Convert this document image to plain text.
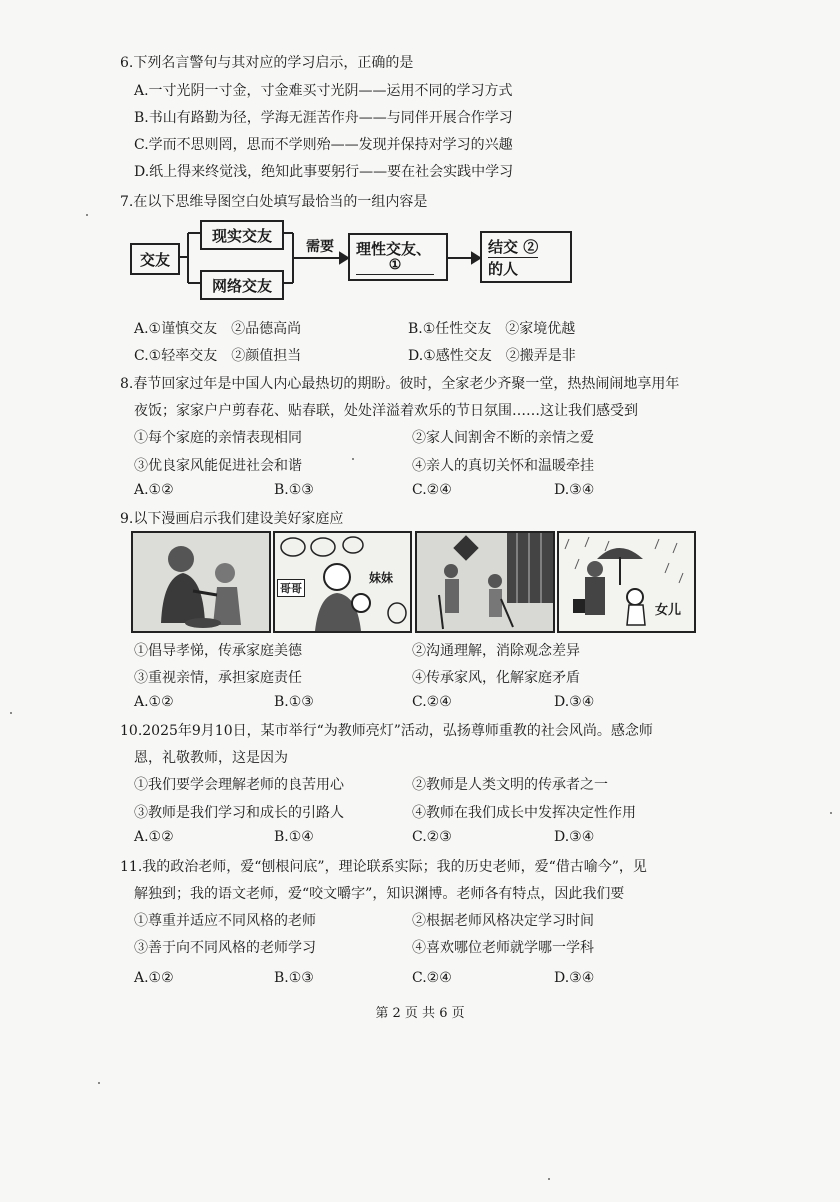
6.下列名言警句与其对应的学习启示，正确的是
A.一寸光阴一寸金，寸金难买寸光阴——运用不同的学习方式
B.书山有路勤为径，学海无涯苦作舟——与同伴开展合作学习
C.学而不思则罔，思而不学则殆——发现并保持对学习的兴趣
D.纸上得来终觉浅，绝知此事要躬行——要在社会实践中学习
7.在以下思维导图空白处填写最恰当的一组内容是
交友
现实交友
网络交友
需要 理性交友、
①
结交 ②
的人
A.①谨慎交友　②品德高尚	B.①任性交友　②家境优越
C.①轻率交友　②颜值担当	D.①感性交友　②搬弄是非
8.春节回家过年是中国人内心最热切的期盼。彼时，全家老少齐聚一堂，热热闹闹地享用年
夜饭；家家户户剪春花、贴春联，处处洋溢着欢乐的节日氛围……这让我们感受到
①每个家庭的亲情表现相同	②家人间割舍不断的亲情之爱
③优良家风能促进社会和谐	④亲人的真切关怀和温暖牵挂
A.①②	B.①③	C.②④	D.③④
9.以下漫画启示我们建设美好家庭应
哥哥
妹妹
女儿
①倡导孝悌，传承家庭美德	②沟通理解，消除观念差异
③重视亲情，承担家庭责任	④传承家风，化解家庭矛盾
A.①②	B.①③	C.②④	D.③④
10.2025年9月10日，某市举行“为教师亮灯”活动，弘扬尊师重教的社会风尚。感念师
恩，礼敬教师，这是因为
①我们要学会理解老师的良苦用心	②教师是人类文明的传承者之一
③教师是我们学习和成长的引路人	④教师在我们成长中发挥决定性作用
A.①②	B.①④	C.②③	D.③④
11.我的政治老师，爱“刨根问底”，理论联系实际；我的历史老师，爱“借古喻今”，见
解独到；我的语文老师，爱“咬文嚼字”，知识渊博。老师各有特点，因此我们要
①尊重并适应不同风格的老师	②根据老师风格决定学习时间
③善于向不同风格的老师学习	④喜欢哪位老师就学哪一学科
A.①②	B.①③	C.②④	D.③④
第 2 页 共 6 页
